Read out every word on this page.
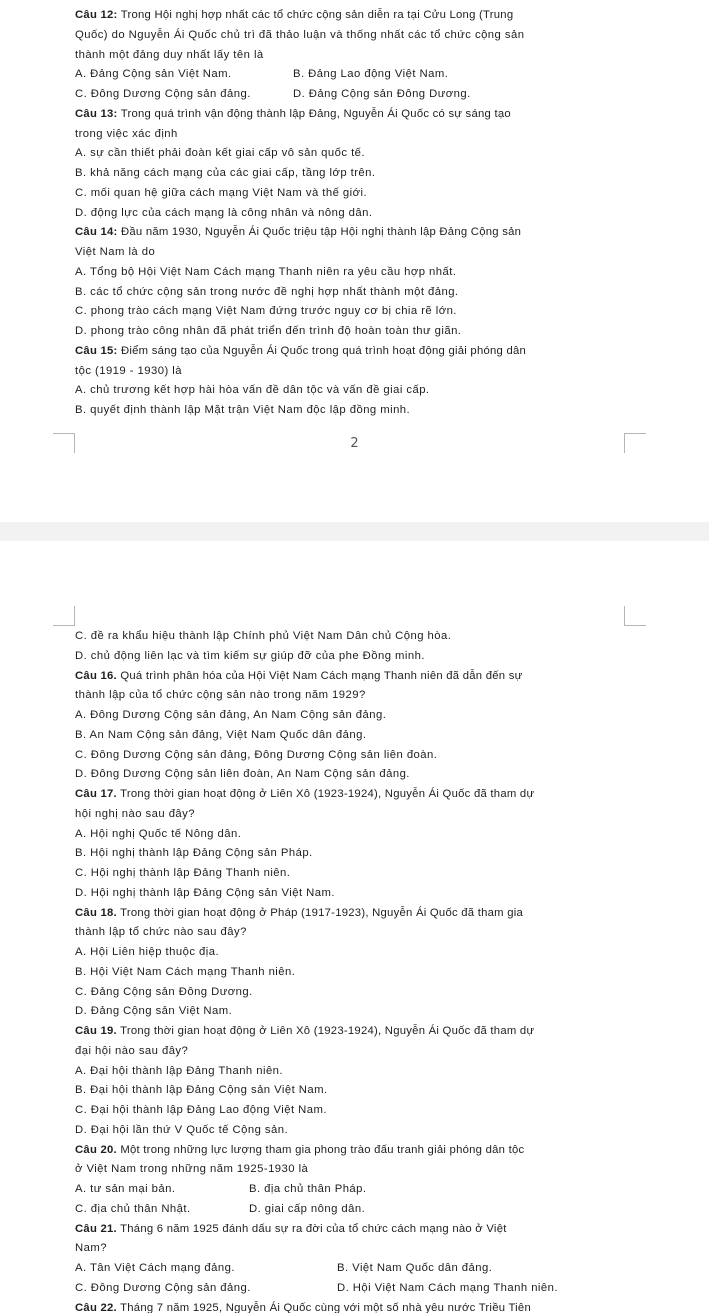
Câu 12: Trong Hội nghị hợp nhất các tổ chức cộng sản diễn ra tại Cửu Long (Trung
Quốc) do Nguyễn Ái Quốc chủ trì đã thảo luận và thống nhất các tổ chức cộng sản
thành một đảng duy nhất lấy tên là
A. Đảng Cộng sản Việt Nam.	B. Đảng Lao động Việt Nam.
C. Đông Dương Cộng sản đảng.	D. Đảng Cộng sản Đông Dương.
Câu 13: Trong quá trình vận động thành lập Đảng, Nguyễn Ái Quốc có sự sáng tạo
trong việc xác định
A. sự cần thiết phải đoàn kết giai cấp vô sản quốc tế.
B. khả năng cách mạng của các giai cấp, tầng lớp trên.
C. mối quan hệ giữa cách mạng Việt Nam và thế giới.
D. động lực của cách mạng là công nhân và nông dân.
Câu 14: Đầu năm 1930, Nguyễn Ái Quốc triệu tập Hội nghị thành lập Đảng Cộng sản
Việt Nam là do
A. Tổng bộ Hội Việt Nam Cách mạng Thanh niên ra yêu cầu hợp nhất.
B. các tổ chức cộng sản trong nước đề nghị hợp nhất thành một đảng.
C. phong trào cách mạng Việt Nam đứng trước nguy cơ bị chia rẽ lớn.
D. phong trào công nhân đã phát triển đến trình độ hoàn toàn thư giãn.
Câu 15: Điểm sáng tạo của Nguyễn Ái Quốc trong quá trình hoạt động giải phóng dân
tộc (1919 - 1930) là
A. chủ trương kết hợp hài hòa vấn đề dân tộc và vấn đề giai cấp.
B. quyết định thành lập Mặt trận Việt Nam độc lập đồng minh.
2
C. đề ra khẩu hiệu thành lập Chính phủ Việt Nam Dân chủ Cộng hòa.
D. chủ động liên lạc và tìm kiếm sự giúp đỡ của phe Đồng minh.
Câu 16. Quá trình phân hóa của Hội Việt Nam Cách mạng Thanh niên đã dẫn đến sự
thành lập của tổ chức cộng sản nào trong năm 1929?
A. Đông Dương Cộng sản đảng, An Nam Cộng sản đảng.
B. An Nam Cộng sản đảng, Việt Nam Quốc dân đảng.
C. Đông Dương Cộng sản đảng, Đông Dương Cộng sản liên đoàn.
D. Đông Dương Cộng sản liên đoàn, An Nam Cộng sản đảng.
Câu 17. Trong thời gian hoạt động ở Liên Xô (1923-1924), Nguyễn Ái Quốc đã tham dự
hội nghị nào sau đây?
A. Hội nghị Quốc tế Nông dân.
B. Hội nghị thành lập Đảng Cộng sản Pháp.
C. Hội nghị thành lập Đảng Thanh niên.
D. Hội nghị thành lập Đảng Cộng sản Việt Nam.
Câu 18. Trong thời gian hoạt động ở Pháp (1917-1923), Nguyễn Ái Quốc đã tham gia
thành lập tổ chức nào sau đây?
A. Hội Liên hiệp thuộc địa.
B. Hội Việt Nam Cách mạng Thanh niên.
C. Đảng Cộng sản Đông Dương.
D. Đảng Cộng sản Việt Nam.
Câu 19. Trong thời gian hoạt động ở Liên Xô (1923-1924), Nguyễn Ái Quốc đã tham dự
đại hội nào sau đây?
A. Đại hội thành lập Đảng Thanh niên.
B. Đại hội thành lập Đảng Cộng sản Việt Nam.
C. Đại hội thành lập Đảng Lao động Việt Nam.
D. Đại hội lần thứ V Quốc tế Cộng sản.
Câu 20. Một trong những lực lượng tham gia phong trào đấu tranh giải phóng dân tộc
ở Việt Nam trong những năm 1925-1930 là
A. tư sản mại bản.	B. địa chủ thân Pháp.
C. địa chủ thân Nhật.	D. giai cấp nông dân.
Câu 21. Tháng 6 năm 1925 đánh dấu sự ra đời của tổ chức cách mạng nào ở Việt
Nam?
A. Tân Việt Cách mạng đảng.	B. Việt Nam Quốc dân đảng.
C. Đông Dương Cộng sản đảng.	D. Hội Việt Nam Cách mạng Thanh niên.
Câu 22. Tháng 7 năm 1925, Nguyễn Ái Quốc cùng với một số nhà yêu nước Triều Tiên
